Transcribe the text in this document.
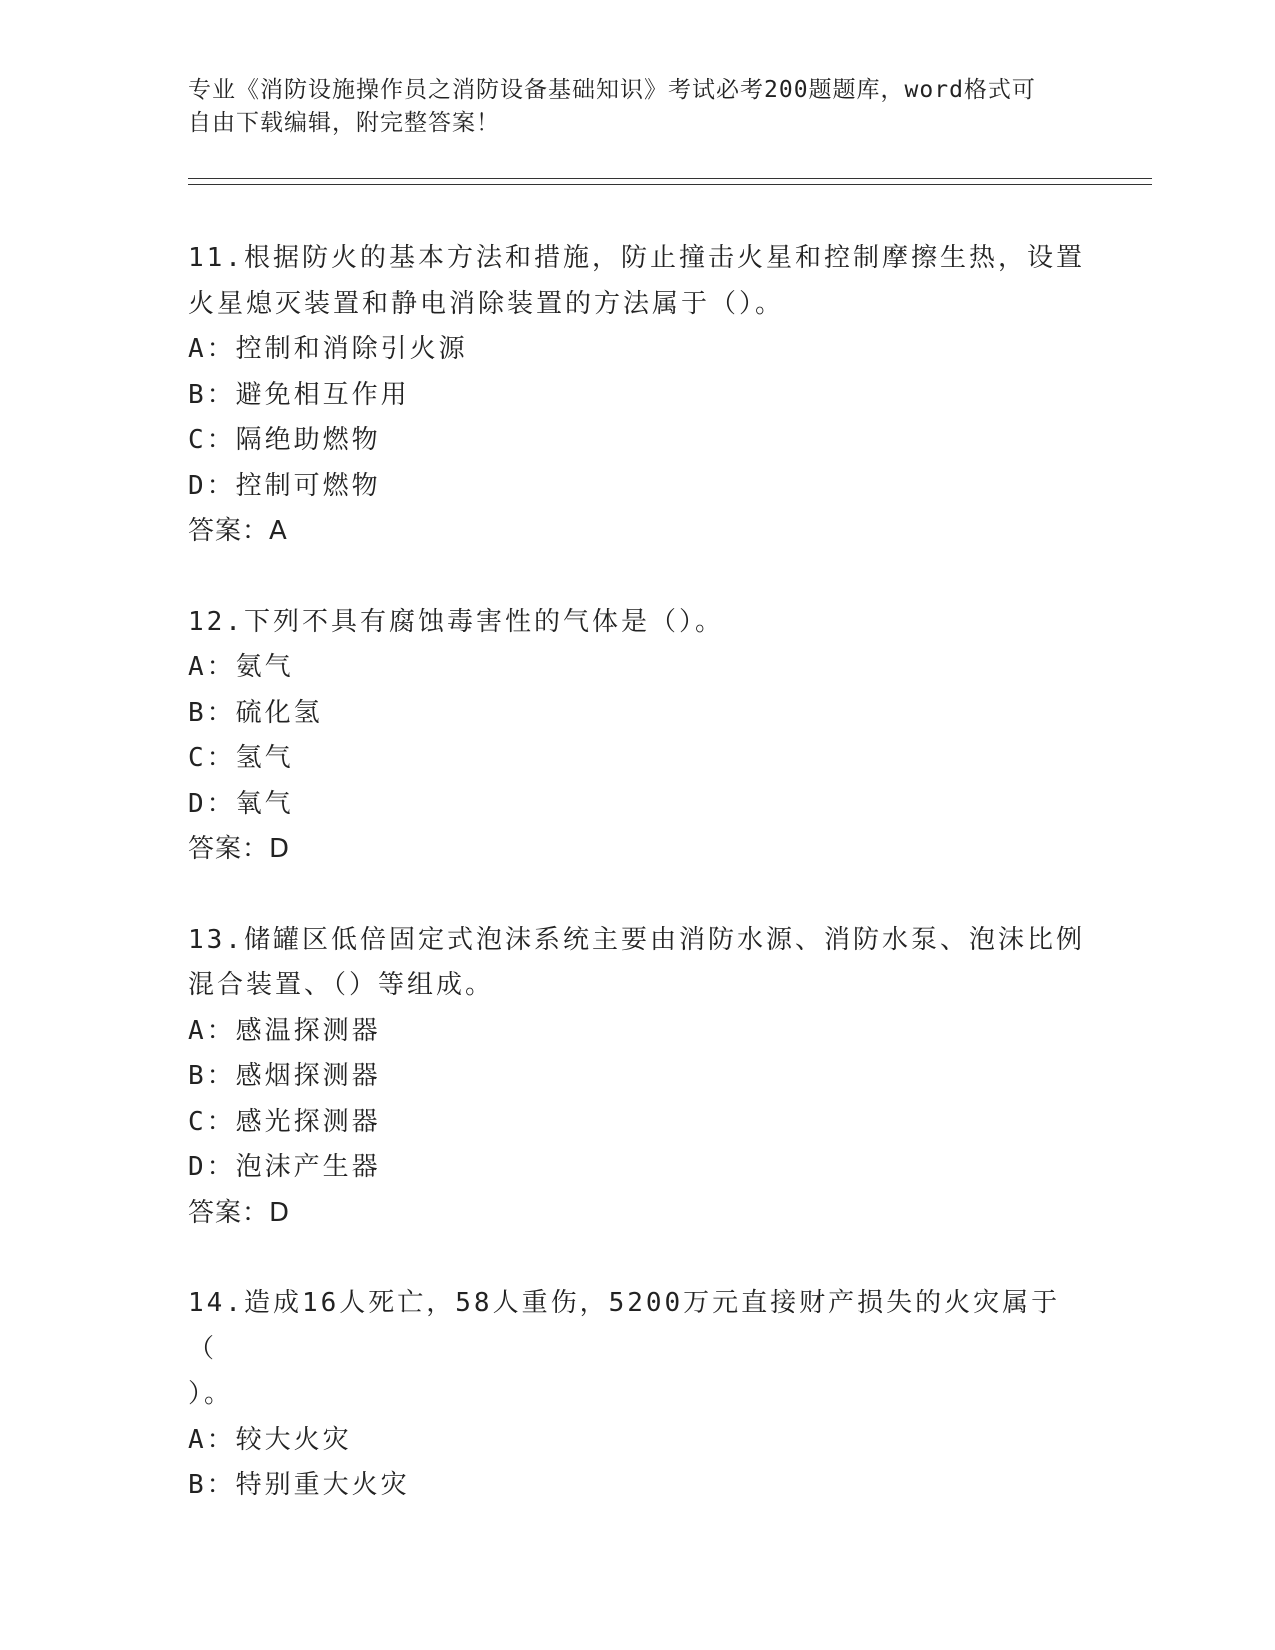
专业《消防设施操作员之消防设备基础知识》考试必考200题题库，word格式可
自由下载编辑，附完整答案！
11.根据防火的基本方法和措施，防止撞击火星和控制摩擦生热，设置
火星熄灭装置和静电消除装置的方法属于（）。
A：控制和消除引火源
B：避免相互作用
C：隔绝助燃物
D：控制可燃物
答案：A
12.下列不具有腐蚀毒害性的气体是（）。
A：氨气
B：硫化氢
C：氢气
D：氧气
答案：D
13.储罐区低倍固定式泡沫系统主要由消防水源、消防水泵、泡沫比例
混合装置、（）等组成。
A：感温探测器
B：感烟探测器
C：感光探测器
D：泡沫产生器
答案：D
14.造成16人死亡，58人重伤，5200万元直接财产损失的火灾属于（
）。
A：较大火灾
B：特别重大火灾
